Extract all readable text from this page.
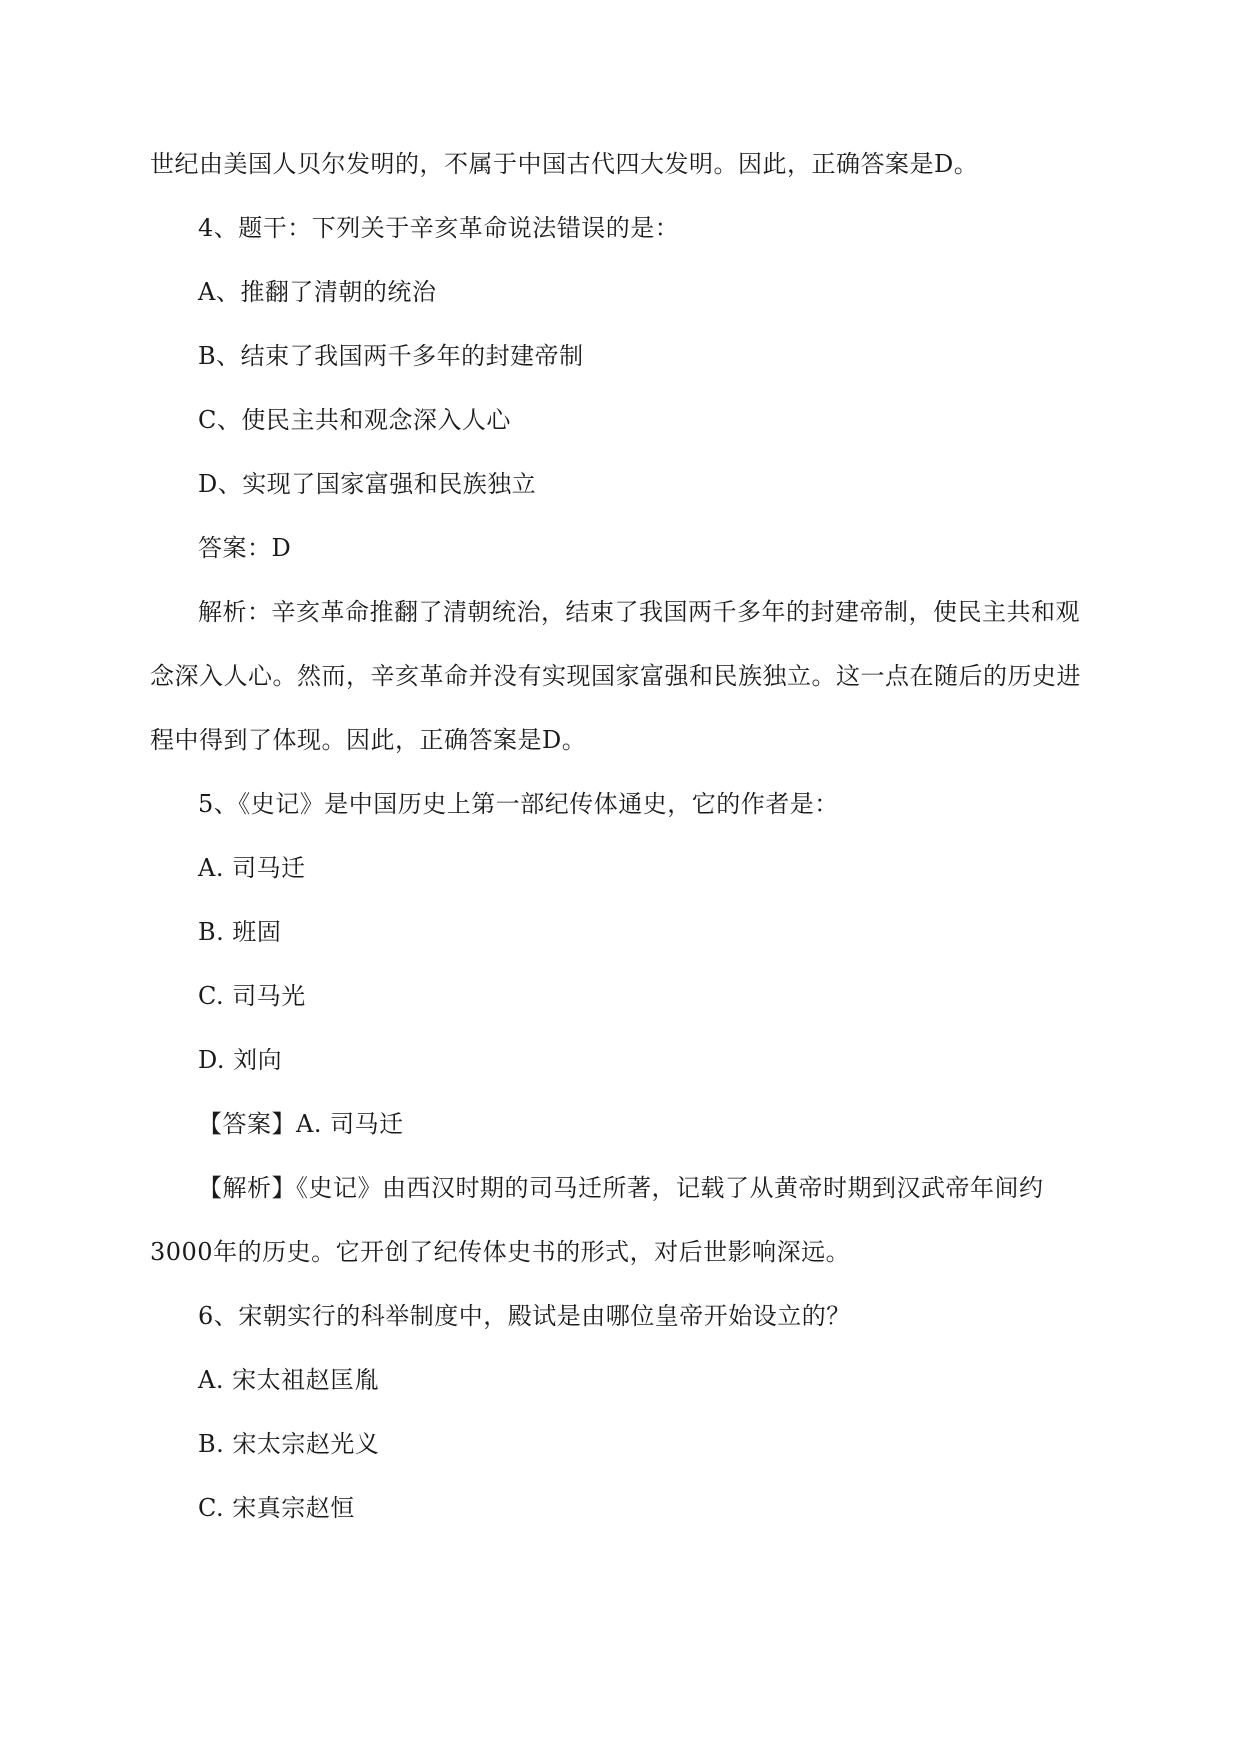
世纪由美国人贝尔发明的，不属于中国古代四大发明。因此，正确答案是D。
4、题干：下列关于辛亥革命说法错误的是：
A、推翻了清朝的统治
B、结束了我国两千多年的封建帝制
C、使民主共和观念深入人心
D、实现了国家富强和民族独立
答案：D
解析：辛亥革命推翻了清朝统治，结束了我国两千多年的封建帝制，使民主共和观
念深入人心。然而，辛亥革命并没有实现国家富强和民族独立。这一点在随后的历史进
程中得到了体现。因此，正确答案是D。
5、《史记》是中国历史上第一部纪传体通史，它的作者是：
A. 司马迁
B. 班固
C. 司马光
D. 刘向
【答案】A. 司马迁
【解析】《史记》由西汉时期的司马迁所著，记载了从黄帝时期到汉武帝年间约
3000年的历史。它开创了纪传体史书的形式，对后世影响深远。
6、宋朝实行的科举制度中，殿试是由哪位皇帝开始设立的？
A. 宋太祖赵匡胤
B. 宋太宗赵光义
C. 宋真宗赵恒
